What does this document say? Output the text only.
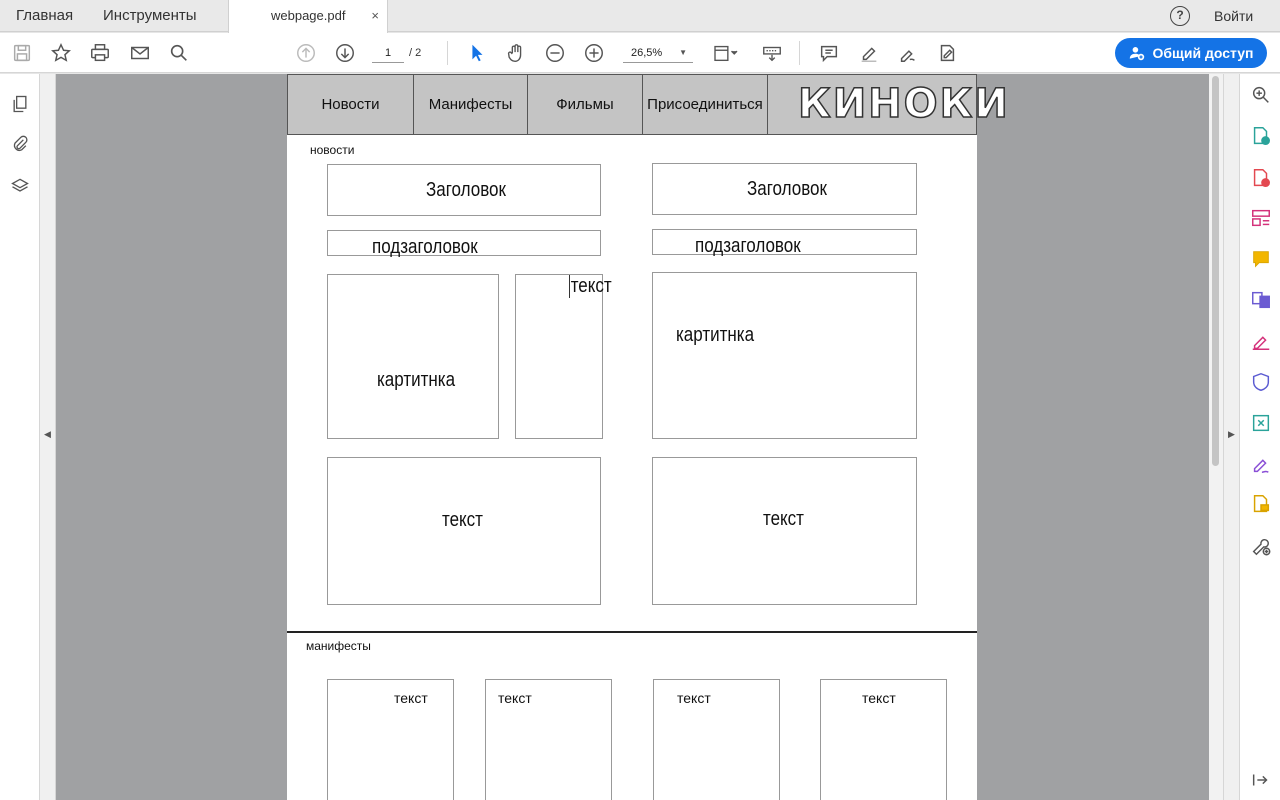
Главная Инструменты	webpage.pdf ×	?	Войти
1	/ 2	26,5% ▼	Общий доступ
◀
Новости	Манифесты	Фильмы	Присоединиться КИНОКИ
новости
Заголовок
подзаголовок
картитнка
текст
текст
Заголовок
подзаголовок
картитнка
текст
манифесты
текст	текст	текст	текст
▶
